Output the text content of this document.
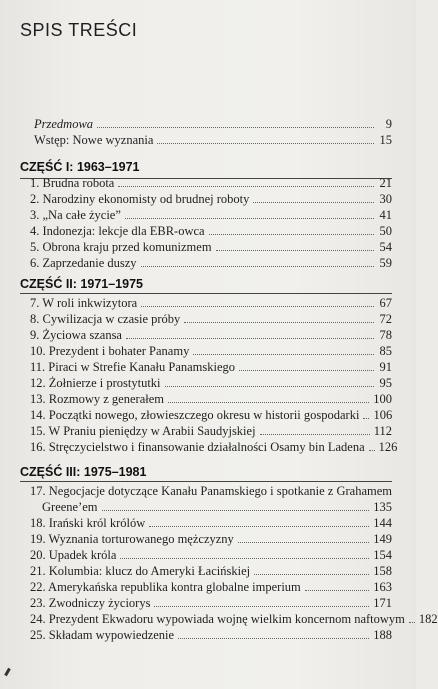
SPIS TREŚCI
Przedmowa	9
Wstęp: Nowe wyznania	15
CZĘŚĆ I: 1963–1971
1. Brudna robota	21
2. Narodziny ekonomisty od brudnej roboty	30
3. „Na całe życie”	41
4. Indonezja: lekcje dla EBR-owca	50
5. Obrona kraju przed komunizmem	54
6. Zaprzedanie duszy	59
CZĘŚĆ II: 1971–1975
7. W roli inkwizytora	67
8. Cywilizacja w czasie próby	72
9. Życiowa szansa	78
10. Prezydent i bohater Panamy	85
11. Piraci w Strefie Kanału Panamskiego	91
12. Żołnierze i prostytutki	95
13. Rozmowy z generałem	100
14. Początki nowego, złowieszczego okresu w historii gospodarki 106
15. W Praniu pieniędzy w Arabii Saudyjskiej	112
16. Stręczycielstwo i finansowanie działalności Osamy bin Ladena 126
CZĘŚĆ III: 1975–1981
17. Negocjacje dotyczące Kanału Panamskiego i spotkanie z Grahamem
Greene’em	135
18. Irański król królów	144
19. Wyznania torturowanego mężczyzny	149
20. Upadek króla	154
21. Kolumbia: klucz do Ameryki Łacińskiej	158
22. Amerykańska republika kontra globalne imperium	163
23. Zwodniczy życiorys	171
24. Prezydent Ekwadoru wypowiada wojnę wielkim koncernom naftowym 182
25. Składam wypowiedzenie	188
